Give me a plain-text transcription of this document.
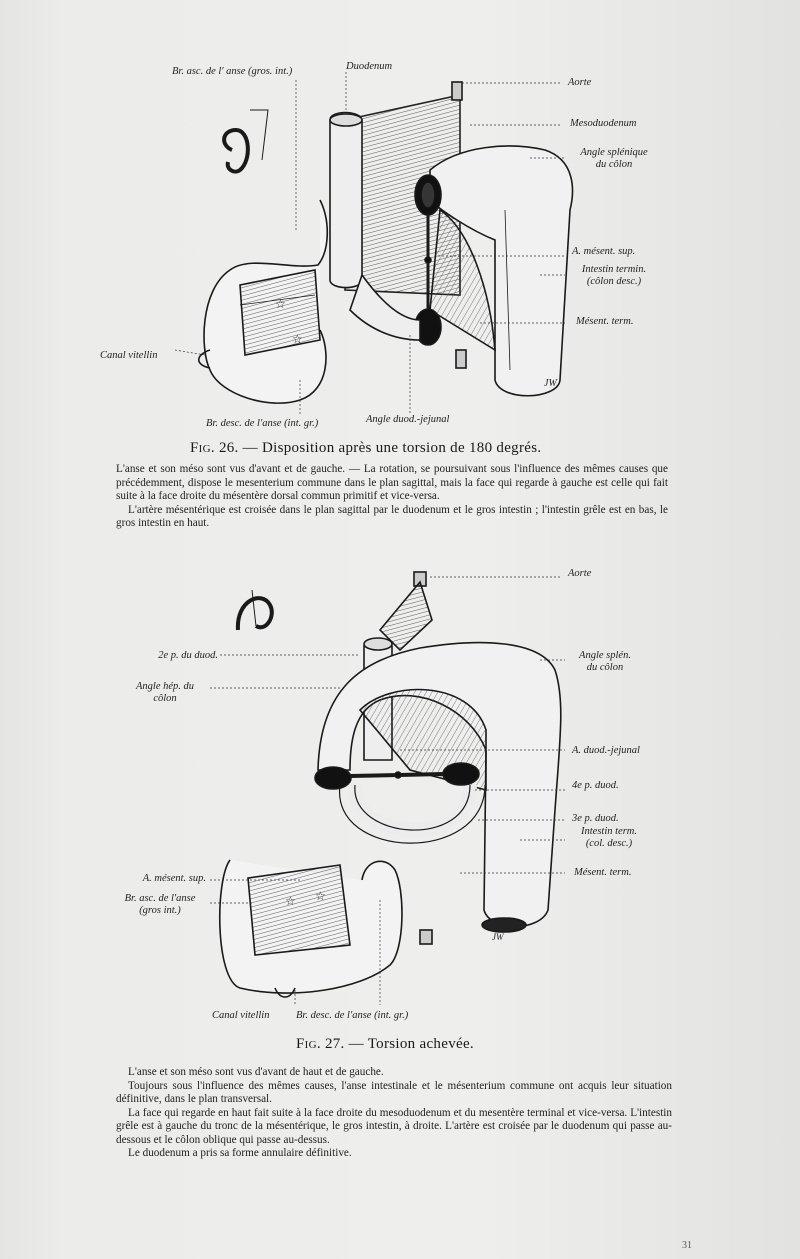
☆
☆
JW
Br. asc. de l' anse (gros. int.)	Duodenum
Aorte
Mesoduodenum
Angle splénique
du côlon
A. mésent. sup.
Intestin termin.
(côlon desc.)
Mésent. term.
Canal vitellin
Br. desc. de l'anse (int. gr.)	Angle duod.-jejunal
Fig. 26. — Disposition après une torsion de 180 degrés.

L'anse et son méso sont vus d'avant et de gauche. — La rotation, se poursuivant sous l'influence des mêmes causes que précédemment, dispose le mesenterium commune dans le plan sagittal, mais la face qui regarde à gauche est celle qui fait suite à la face droite du mésentère dorsal commun primitif et vice-versa.

L'artère mésentérique est croisée dans le plan sagittal par le duodenum et le gros intestin ; l'intestin grêle est en bas, le gros intestin en haut.

☆ ☆
JW
Aorte
2e p. du duod.
Angle hép. du
côlon
Angle splén.
du côlon
A. duod.-jejunal
4e p. duod.
3e p. duod.
Intestin term.
(col. desc.)
Mésent. term.
A. mésent. sup.
Br. asc. de l'anse
(gros int.)
Canal vitellin	Br. desc. de l'anse (int. gr.)
Fig. 27. — Torsion achevée.

L'anse et son méso sont vus d'avant de haut et de gauche.

Toujours sous l'influence des mêmes causes, l'anse intestinale et le mésenterium commune ont acquis leur situation définitive, dans le plan transversal.

La face qui regarde en haut fait suite à la face droite du mesoduodenum et du mesentère terminal et vice-versa. L'intestin grêle est à gauche du tronc de la mésentérique, le gros intestin, à droite. L'artère est croisée par le duodenum qui passe au-dessous et le côlon oblique qui passe au-dessus.

Le duodenum a pris sa forme annulaire définitive.

31
